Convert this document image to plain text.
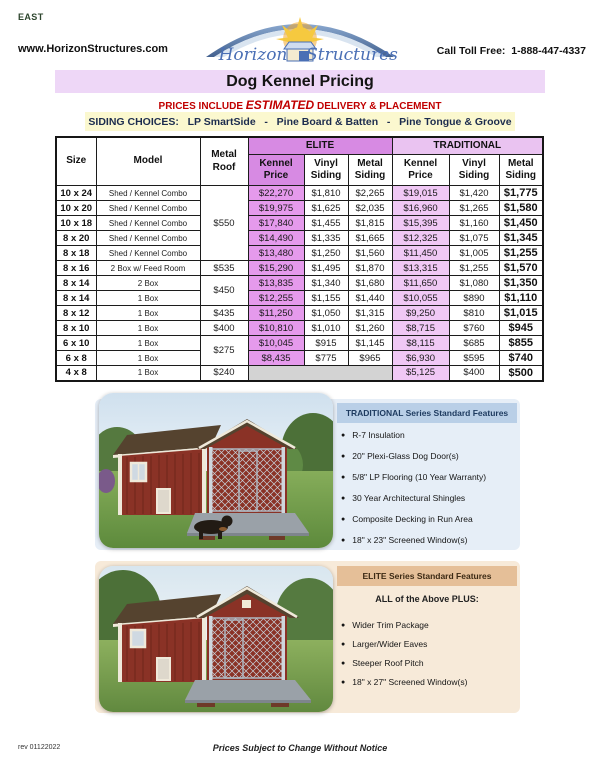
EAST
www.HorizonStructures.com	Call Toll Free:  1-888-447-4337
Horizon Structures
Dog Kennel Pricing
PRICES INCLUDE ESTIMATED DELIVERY & PLACEMENT
SIDING CHOICES:   LP SmartSide   -   Pine Board & Batten   -   Pine Tongue & Groove
Size	Model	Metal Roof	ELITE			TRADITIONAL		
			Kennel Price	Vinyl Siding	Metal Siding	Kennel Price	Vinyl Siding	Metal Siding
10 x 24	Shed / Kennel Combo	$550	$22,270	$1,810	$2,265	$19,015	$1,420	$1,775
10 x 20	Shed / Kennel Combo		$19,975	$1,625	$2,035	$16,960	$1,265	$1,580
10 x 18	Shed / Kennel Combo		$17,840	$1,455	$1,815	$15,395	$1,160	$1,450
8 x 20	Shed / Kennel Combo		$14,490	$1,335	$1,665	$12,325	$1,075	$1,345
8 x 18	Shed / Kennel Combo		$13,480	$1,250	$1,560	$11,450	$1,005	$1,255
8 x 16	2 Box w/ Feed Room	$535	$15,290	$1,495	$1,870	$13,315	$1,255	$1,570
8 x 14	2 Box	$450	$13,835	$1,340	$1,680	$11,650	$1,080	$1,350
8 x 14	1 Box		$12,255	$1,155	$1,440	$10,055	$890	$1,110
8 x 12	1 Box	$435	$11,250	$1,050	$1,315	$9,250	$810	$1,015
8 x 10	1 Box	$400	$10,810	$1,010	$1,260	$8,715	$760	$945
6 x 10	1 Box	$275	$10,045	$915	$1,145	$8,115	$685	$855
6 x 8	1 Box		$8,435	$775	$965	$6,930	$595	$740
4 x 8	1 Box	$240				$5,125	$400	$500
TRADITIONAL Series Standard Features
● R-7 Insulation
● 20" Plexi-Glass Dog Door(s)
● 5/8" LP Flooring (10 Year Warranty)
● 30 Year Architectural Shingles
● Composite Decking in Run Area
● 18" x 23" Screened Window(s)
ELITE Series Standard Features
ALL of the Above PLUS:
● Wider Trim Package
● Larger/Wider Eaves
● Steeper Roof Pitch
● 18" x 27" Screened Window(s)
rev 01122022	Prices Subject to Change Without Notice
